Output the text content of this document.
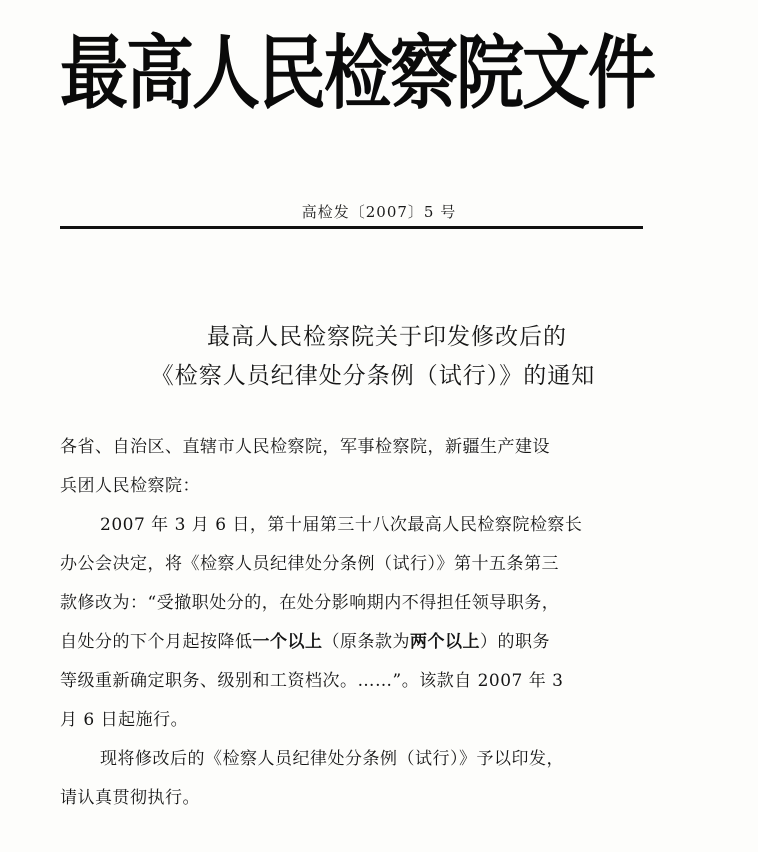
最高人民检察院文件
高检发〔2007〕5 号
最高人民检察院关于印发修改后的
《检察人员纪律处分条例（试行）》的通知
各省、自治区、直辖市人民检察院，军事检察院，新疆生产建设
兵团人民检察院：
2007 年 3 月 6 日，第十届第三十八次最高人民检察院检察长
办公会决定，将《检察人员纪律处分条例（试行）》第十五条第三
款修改为：“受撤职处分的，在处分影响期内不得担任领导职务，
自处分的下个月起按降低一个以上（原条款为两个以上）的职务
等级重新确定职务、级别和工资档次。……”。该款自 2007 年 3
月 6 日起施行。
现将修改后的《检察人员纪律处分条例（试行）》予以印发，
请认真贯彻执行。
